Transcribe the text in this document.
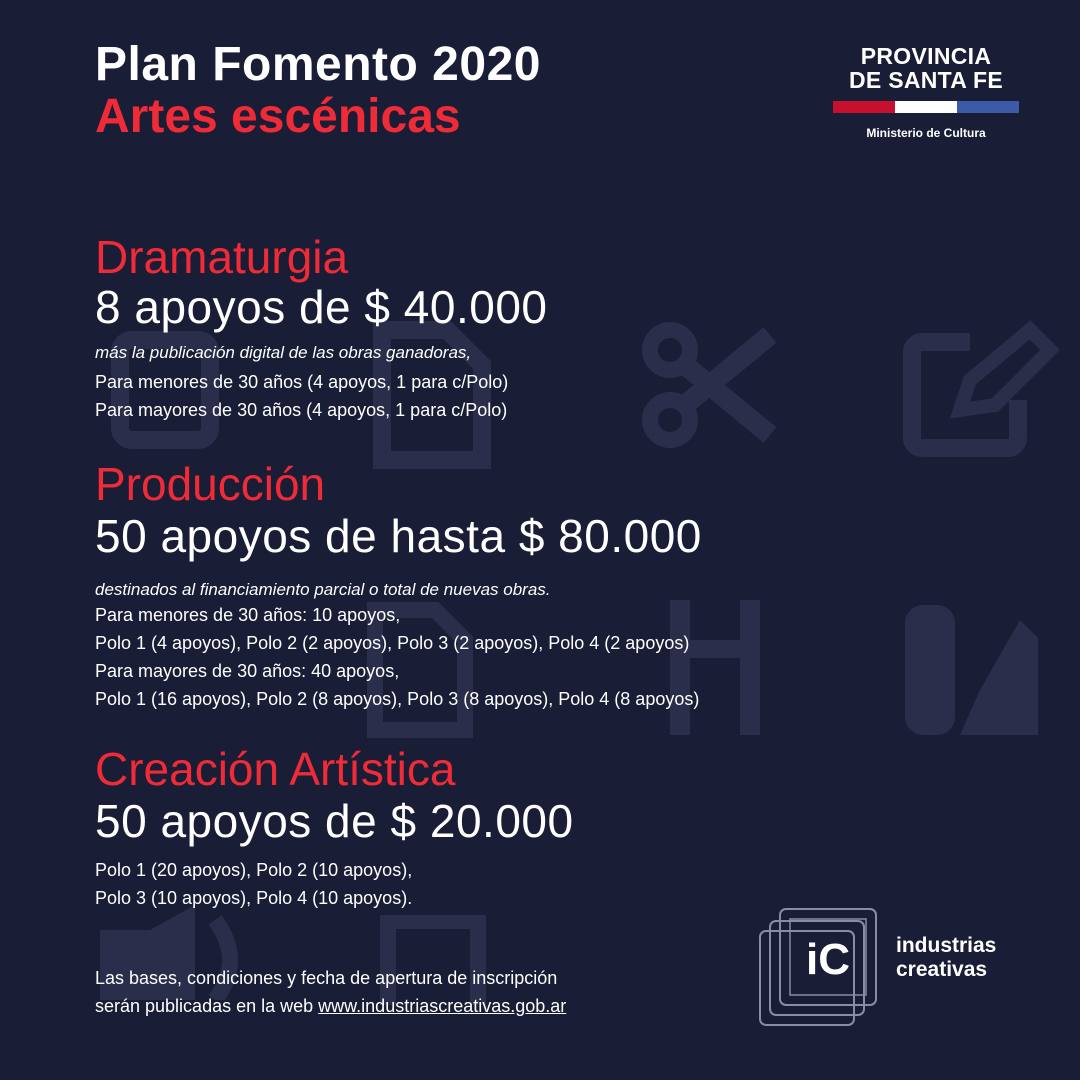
Plan Fomento 2020
Artes escénicas
PROVINCIA
DE SANTA FE
Ministerio de Cultura
Dramaturgia
8 apoyos de $ 40.000
más la publicación digital de las obras ganadoras,
Para menores de 30 años (4 apoyos, 1 para c/Polo)
Para mayores de 30 años (4 apoyos, 1 para c/Polo)
Producción
50 apoyos de hasta $ 80.000
destinados al financiamiento parcial o total de nuevas obras.
Para menores de 30 años: 10 apoyos,
Polo 1 (4 apoyos), Polo 2 (2 apoyos), Polo 3 (2 apoyos), Polo 4 (2 apoyos)
Para mayores de 30 años: 40 apoyos,
Polo 1 (16 apoyos), Polo 2 (8 apoyos), Polo 3 (8 apoyos), Polo 4 (8 apoyos)
Creación Artística
50 apoyos de $ 20.000
Polo 1 (20 apoyos), Polo 2 (10 apoyos),
Polo 3 (10 apoyos), Polo 4 (10 apoyos).
Las bases, condiciones y fecha de apertura de inscripción
serán publicadas en la web www.industriascreativas.gob.ar
iC industrias
creativas
